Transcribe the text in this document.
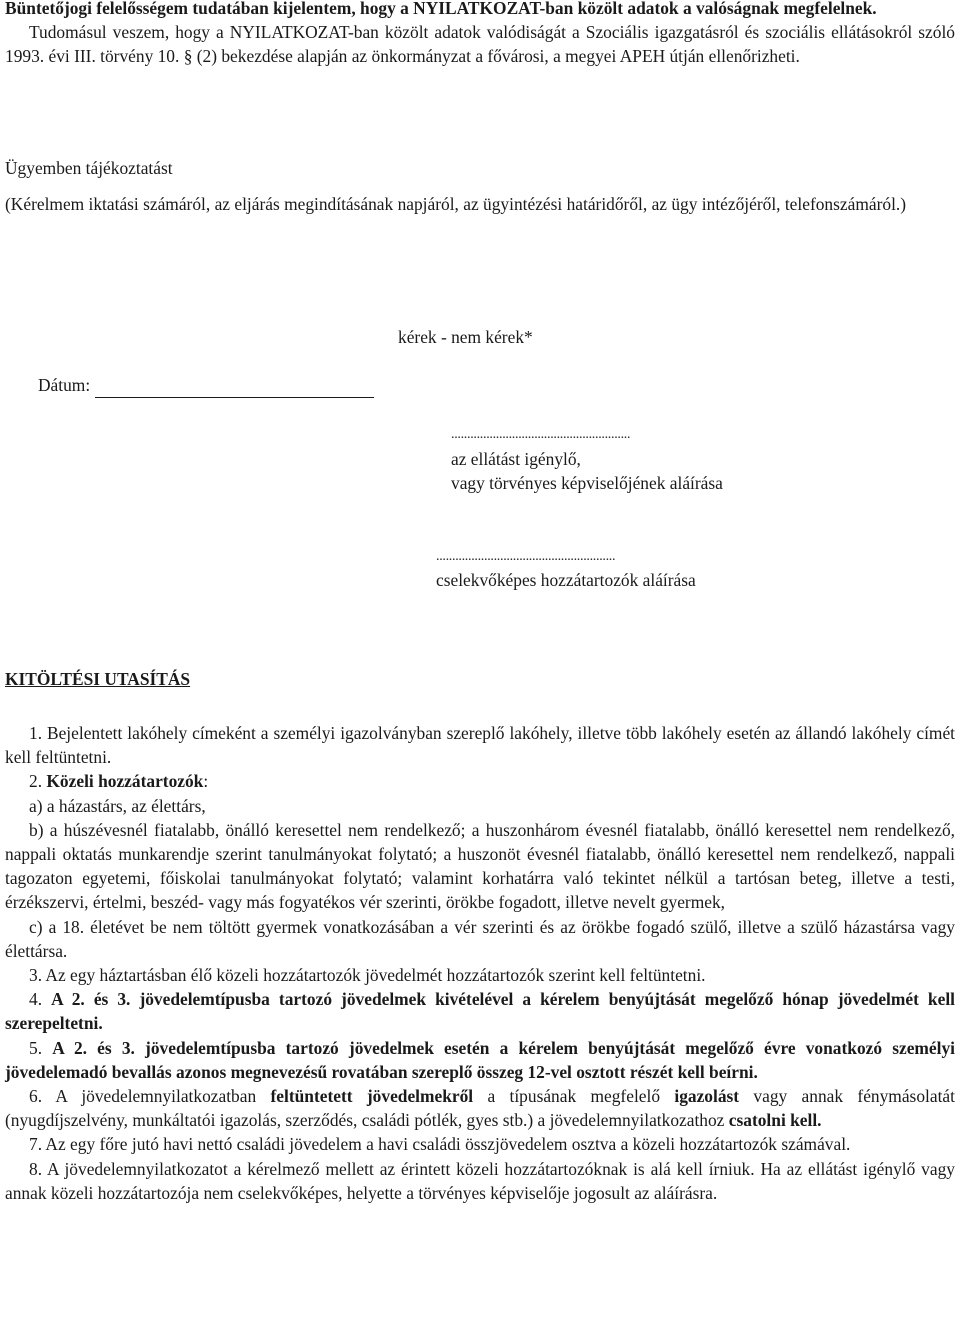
Büntetőjogi felelősségem tudatában kijelentem, hogy a NYILATKOZAT-ban közölt adatok a valóságnak megfelelnek.

Tudomásul veszem, hogy a NYILATKOZAT-ban közölt adatok valódiságát a Szociális igazgatásról és szociális ellátásokról szóló 1993. évi III. törvény 10. § (2) bekezdése alapján az önkormányzat a fővárosi, a megyei APEH útján ellenőrizheti.

Ügyemben tájékoztatást
(Kérelmem iktatási számáról, az eljárás megindításának napjáról, az ügyintézési határidőről, az ügy intézőjéről, telefonszámáról.)
kérek - nem kérek*
Dátum:
........................................................
az ellátást igénylő,
vagy törvényes képviselőjének aláírása
........................................................
cselekvőképes hozzátartozók aláírása
KITÖLTÉSI UTASÍTÁS

1. Bejelentett lakóhely címeként a személyi igazolványban szereplő lakóhely, illetve több lakóhely esetén az állandó lakóhely címét kell feltüntetni.

2. Közeli hozzátartozók:

a) a házastárs, az élettárs,

b) a húszévesnél fiatalabb, önálló keresettel nem rendelkező; a huszonhárom évesnél fiatalabb, önálló keresettel nem rendelkező, nappali oktatás munkarendje szerint tanulmányokat folytató; a huszonöt évesnél fiatalabb, önálló keresettel nem rendelkező, nappali tagozaton egyetemi, főiskolai tanulmányokat folytató; valamint korhatárra való tekintet nélkül a tartósan beteg, illetve a testi, érzékszervi, értelmi, beszéd- vagy más fogyatékos vér szerinti, örökbe fogadott, illetve nevelt gyermek,

c) a 18. életévet be nem töltött gyermek vonatkozásában a vér szerinti és az örökbe fogadó szülő, illetve a szülő házastársa vagy élettársa.

3. Az egy háztartásban élő közeli hozzátartozók jövedelmét hozzátartozók szerint kell feltüntetni.

4. A 2. és 3. jövedelemtípusba tartozó jövedelmek kivételével a kérelem benyújtását megelőző hónap jövedelmét kell szerepeltetni.

5. A 2. és 3. jövedelemtípusba tartozó jövedelmek esetén a kérelem benyújtását megelőző évre vonatkozó személyi jövedelemadó bevallás azonos megnevezésű rovatában szereplő összeg 12-vel osztott részét kell beírni.

6. A jövedelemnyilatkozatban feltüntetett jövedelmekről a típusának megfelelő igazolást vagy annak fénymásolatát (nyugdíjszelvény, munkáltatói igazolás, szerződés, családi pótlék, gyes stb.) a jövedelemnyilatkozathoz csatolni kell.

7. Az egy főre jutó havi nettó családi jövedelem a havi családi összjövedelem osztva a közeli hozzátartozók számával.

8. A jövedelemnyilatkozatot a kérelmező mellett az érintett közeli hozzátartozóknak is alá kell írniuk. Ha az ellátást igénylő vagy annak közeli hozzátartozója nem cselekvőképes, helyette a törvényes képviselője jogosult az aláírásra.
